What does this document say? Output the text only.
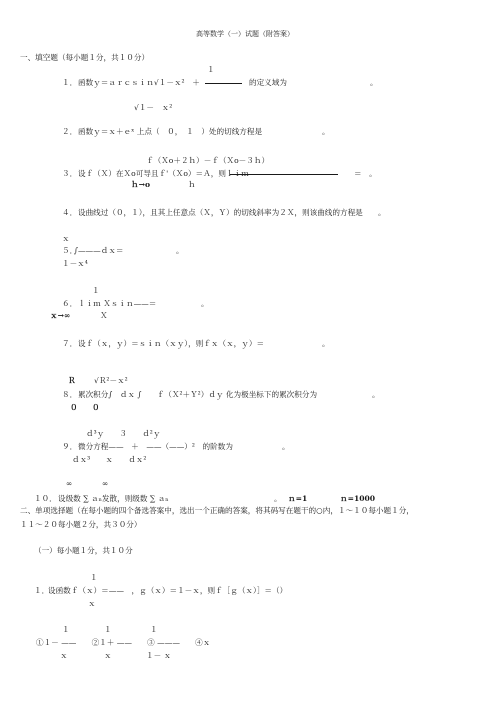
高等数学（一）试题（附答案）
一、填空题（每小题１分，共１０分）
１
１． 函数ｙ＝ａｒｃｓｉｎ√１－ｘ²　＋	的定义域为	。
√１－　ｘ²
２． 函数ｙ＝ｘ＋ｅˣ 上点（　０，　１　）处的切线方程是	。
ｆ（Ｘο＋２ｈ）－ｆ（Ｘο－３ｈ）
３． 设ｆ（Ｘ）在Ｘο可导且ｆ'（Ｘο）＝Ａ，则ｌｉｍ	＝　。
ｈ→ο	ｈ
４． 设曲线过（０，１），且其上任意点（Ｘ，Ｙ）的切线斜率为２Ｘ，则该曲线的方程是　　。
ｘ
５．
∫———ｄｘ＝	。
１－ｘ⁴
１
６． ｌｉｍ Ｘｓｉｎ——＝	。
ｘ→∞	Ｘ
７． 设ｆ（ｘ，ｙ）＝ｓｉｎ（ｘｙ），则ｆｘ（ｘ，ｙ）＝	。
Ｒ √Ｒ²－ｘ²
８． 累次积分∫　ｄｘ ∫　　ｆ（Ｘ²＋Ｙ²）ｄｙ 化为极坐标下的累次积分为	。
０ ０
ｄ³ｙ　　３　　ｄ²ｙ
９． 微分方程——　＋　——（——）²　的阶数为	。
ｄｘ³　　ｘ　　ｄｘ²
∞	∞
１０． 设级数 ∑ ａₙ发散，则级数 ∑ ａₙ	。 ｎ=1	ｎ=1000
二、单项选择题（在每小题的四个备选答案中，选出一个正确的答案，将其码写在题干的○内，１～１０每小题１分，
１１～２０每小题２分，共３０分）
（一）每小题１分，共１０分
１
１．
设函数ｆ（ｘ）＝——　，ｇ（ｘ）＝１－ｘ，则ｆ［ｇ（ｘ）］＝（）
ｘ
１	１	１
①１－ ——　　②１＋ ——　　③ ———　　④ｘ
ｘ	ｘ	１－ ｘ
